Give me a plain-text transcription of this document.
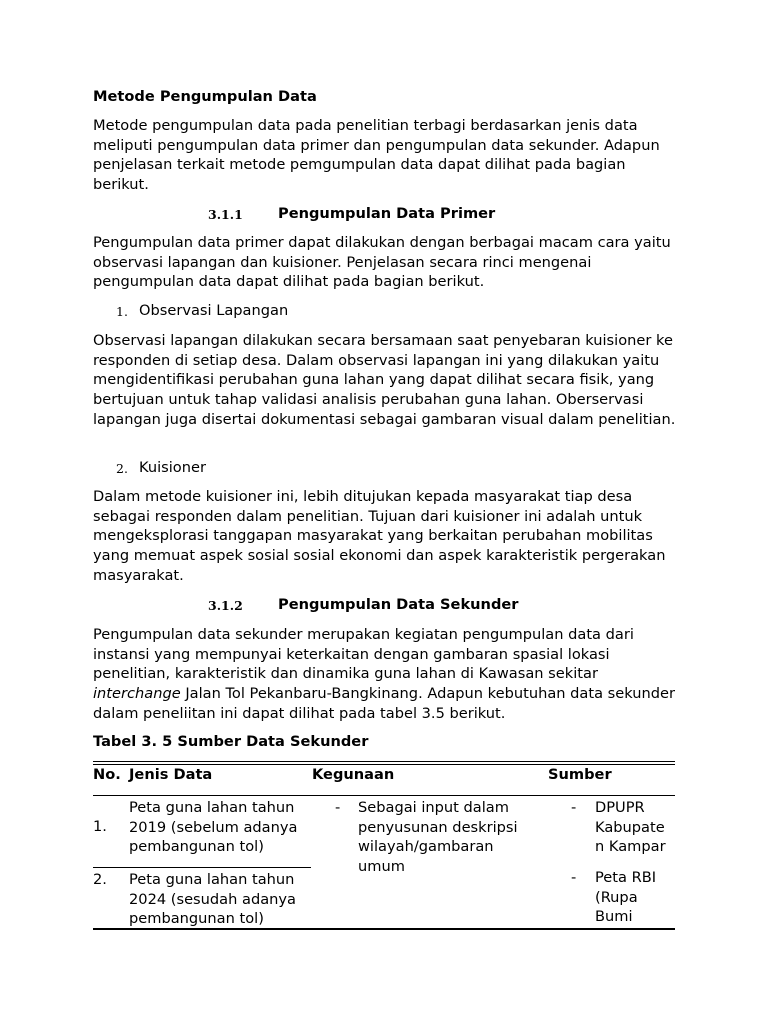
Metode Pengumpulan Data

Metode pengumpulan data pada penelitian terbagi berdasarkan jenis data meliputi pengumpulan data primer dan pengumpulan data sekunder. Adapun penjelasan terkait metode pemgumpulan data dapat dilihat pada bagian berikut.

3.1.1 Pengumpulan Data Primer

Pengumpulan data primer dapat dilakukan dengan berbagai macam cara yaitu observasi lapangan dan kuisioner. Penjelasan secara rinci mengenai pengumpulan data dapat dilihat pada bagian berikut.

1. Observasi Lapangan

Observasi lapangan dilakukan secara bersamaan saat penyebaran kuisioner ke responden di setiap desa. Dalam observasi lapangan ini yang dilakukan yaitu mengidentifikasi perubahan guna lahan yang dapat dilihat secara fisik, yang bertujuan untuk tahap validasi analisis perubahan guna lahan. Oberservasi lapangan juga disertai dokumentasi sebagai gambaran visual dalam penelitian.

2. Kuisioner

Dalam metode kuisioner ini, lebih ditujukan kepada masyarakat tiap desa sebagai responden dalam penelitian. Tujuan dari kuisioner ini adalah untuk mengeksplorasi tanggapan masyarakat yang berkaitan perubahan mobilitas yang memuat aspek sosial sosial ekonomi dan aspek karakteristik pergerakan masyarakat.

3.1.2 Pengumpulan Data Sekunder

Pengumpulan data sekunder merupakan kegiatan pengumpulan data dari instansi yang mempunyai keterkaitan dengan gambaran spasial lokasi penelitian, karakteristik dan dinamika guna lahan di Kawasan sekitar interchange Jalan Tol Pekanbaru-Bangkinang. Adapun kebutuhan data sekunder dalam peneliitan ini dapat dilihat pada tabel 3.5 berikut.

Tabel 3. 5 Sumber Data Sekunder

No. Jenis Data	Kegunaan	Sumber
1.

Peta guna lahan tahun 2019 (sebelum adanya pembangunan tol)

2. Peta guna lahan tahun 2024 (sesudah adanya pembangunan tol)

- Sebagai input dalam penyusunan deskripsi wilayah/gambaran umum

- DPUPR Kabupate n Kampar

- Peta RBI (Rupa Bumi
